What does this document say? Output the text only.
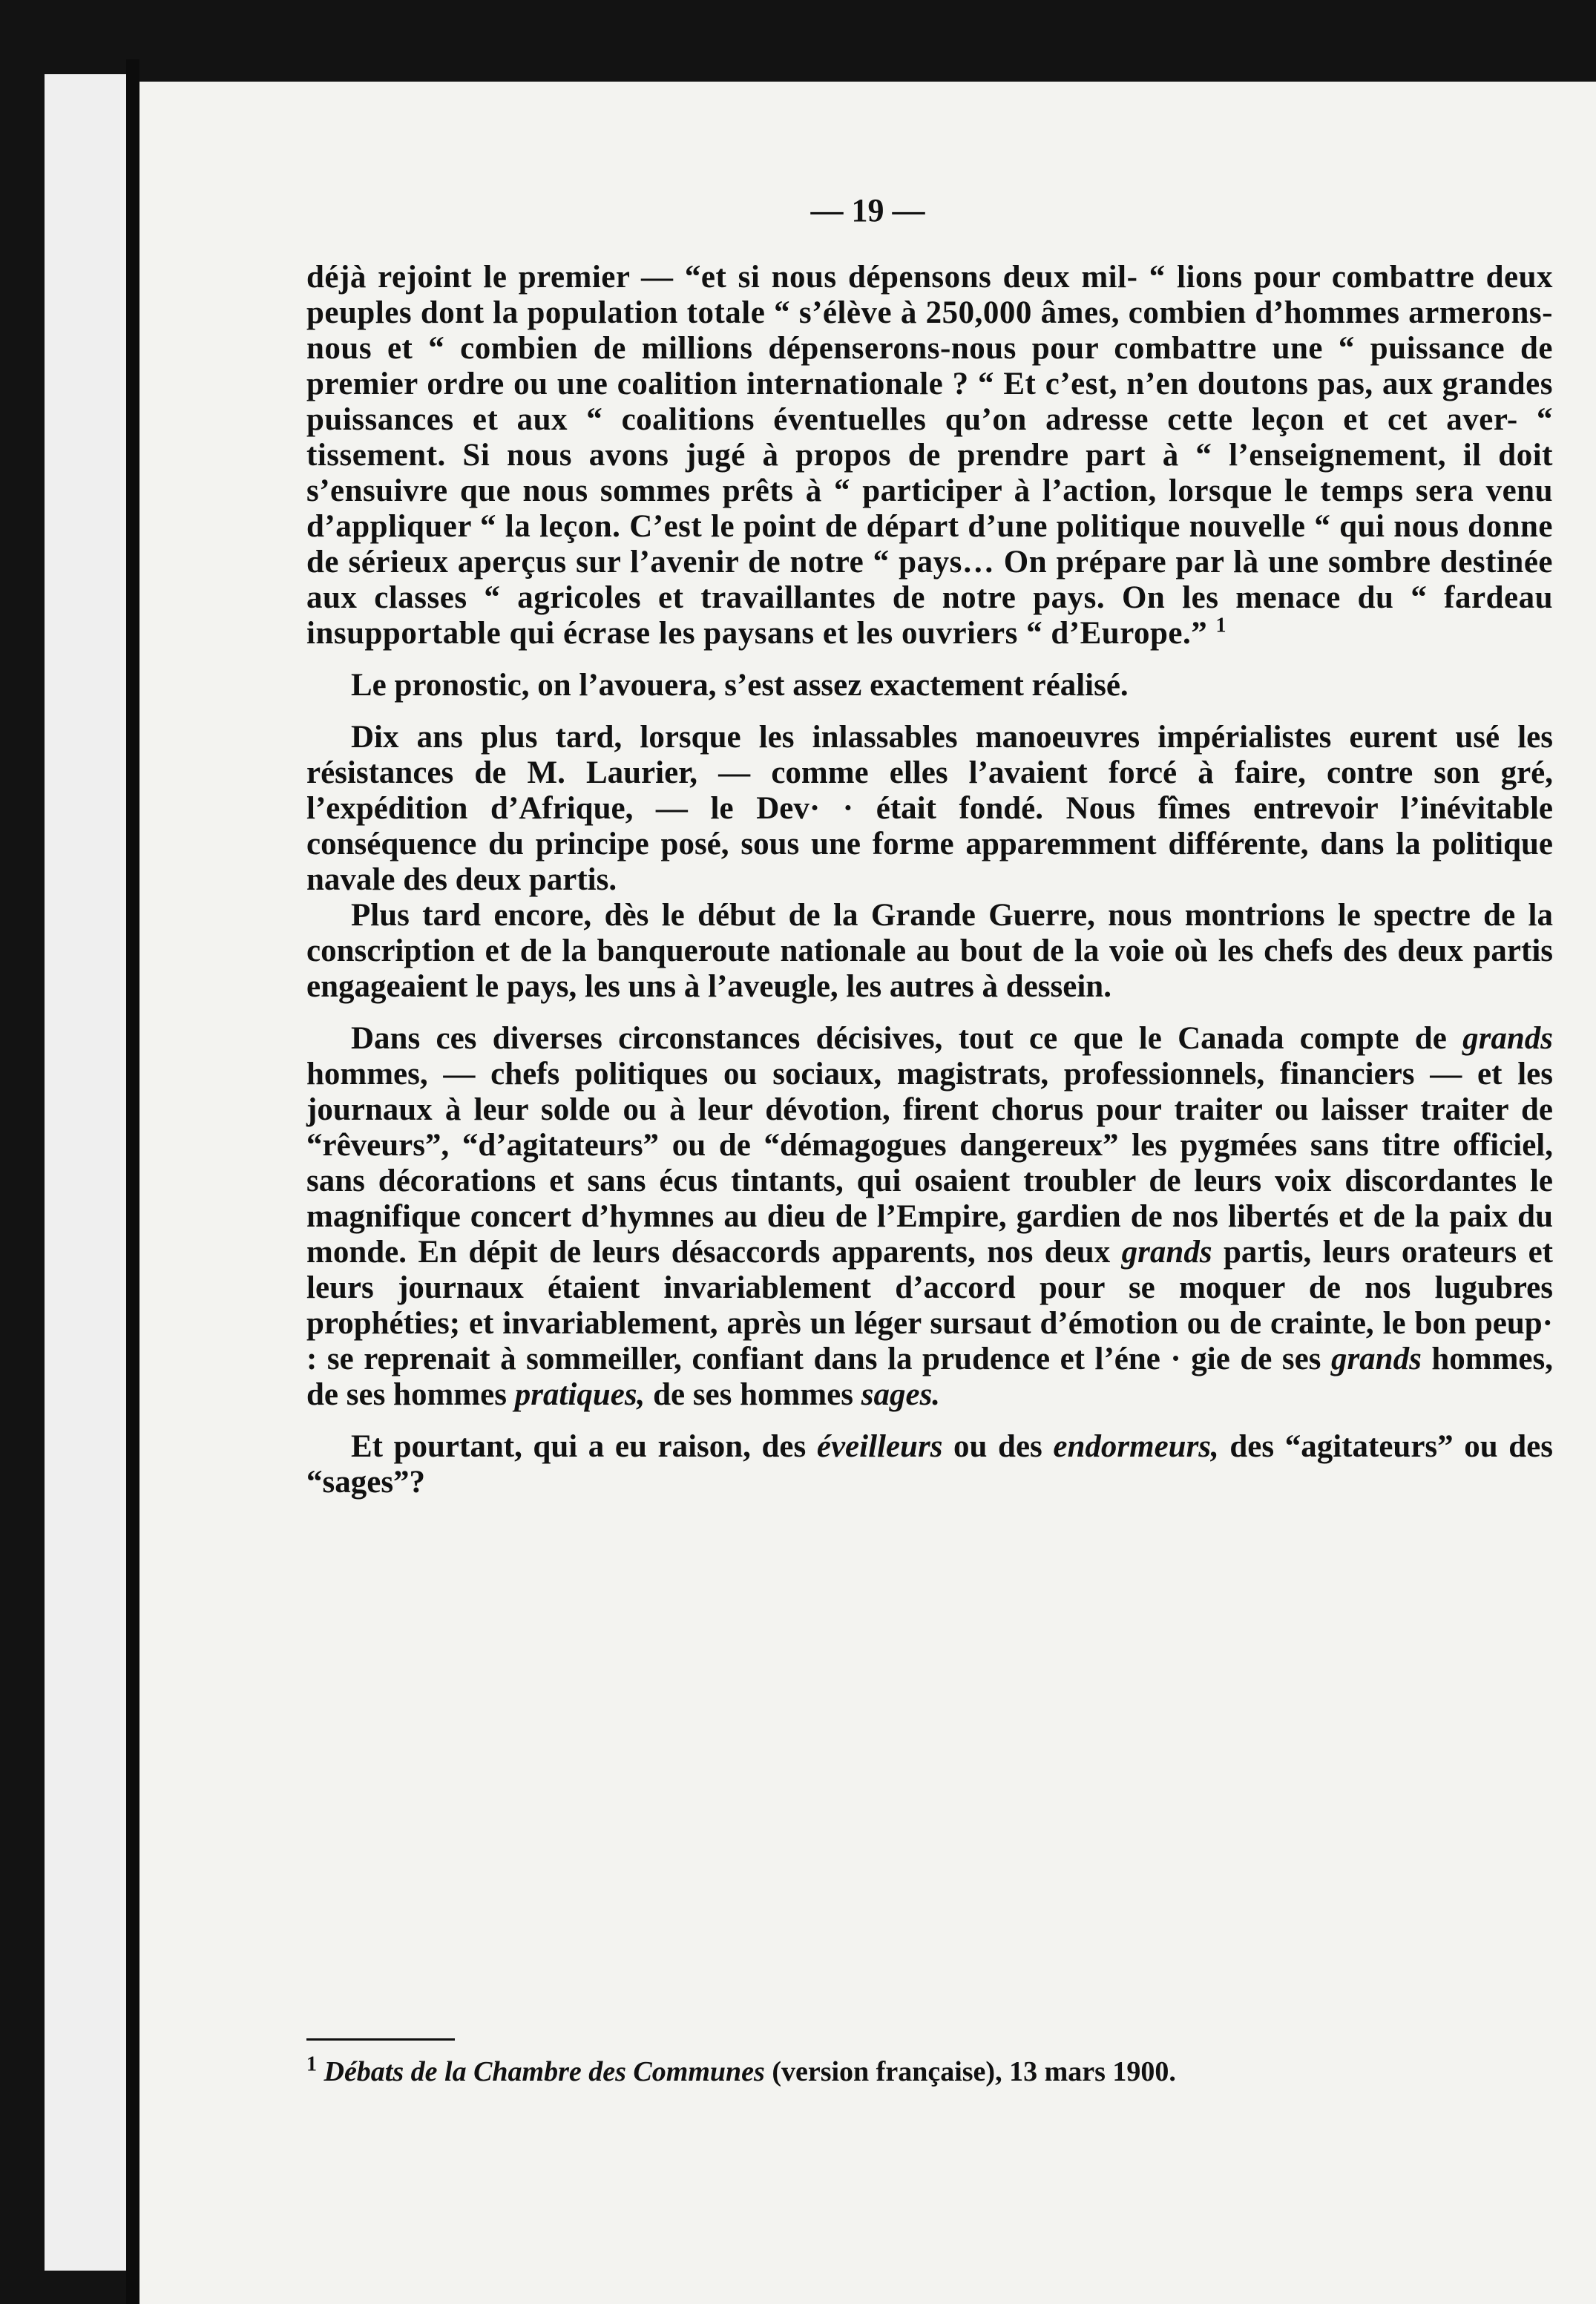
— 19 —

déjà rejoint le premier — “et si nous dépensons deux mil- “ lions pour combattre deux peuples dont la population totale “ s’élève à 250,000 âmes, combien d’hommes armerons-nous et “ combien de millions dépenserons-nous pour combattre une “ puissance de premier ordre ou une coalition internationale ? “ Et c’est, n’en doutons pas, aux grandes puissances et aux “ coalitions éventuelles qu’on adresse cette leçon et cet aver- “ tissement. Si nous avons jugé à propos de prendre part à “ l’enseignement, il doit s’ensuivre que nous sommes prêts à “ participer à l’action, lorsque le temps sera venu d’appliquer “ la leçon. C’est le point de départ d’une politique nouvelle “ qui nous donne de sérieux aperçus sur l’avenir de notre “ pays… On prépare par là une sombre destinée aux classes “ agricoles et travaillantes de notre pays. On les menace du “ fardeau insupportable qui écrase les paysans et les ouvriers “ d’Europe.” $^1$

Le pronostic, on l’avouera, s’est assez exactement réalisé.

Dix ans plus tard, lorsque les inlassables manoeuvres impérialistes eurent usé les résistances de M. Laurier, — comme elles l’avaient forcé à faire, contre son gré, l’expédition d’Afrique, — le Dev· · était fondé. Nous fîmes entrevoir l’inévitable conséquence du principe posé, sous une forme apparemment différente, dans la politique navale des deux partis.

Plus tard encore, dès le début de la Grande Guerre, nous montrions le spectre de la conscription et de la banqueroute nationale au bout de la voie où les chefs des deux partis engageaient le pays, les uns à l’aveugle, les autres à dessein.

Dans ces diverses circonstances décisives, tout ce que le Canada compte de grands hommes, — chefs politiques ou sociaux, magistrats, professionnels, financiers — et les journaux à leur solde ou à leur dévotion, firent chorus pour traiter ou laisser traiter de “rêveurs”, “d’agitateurs” ou de “démagogues dangereux” les pygmées sans titre officiel, sans décorations et sans écus tintants, qui osaient troubler de leurs voix discordantes le magnifique concert d’hymnes au dieu de l’Empire, gardien de nos libertés et de la paix du monde. En dépit de leurs désaccords apparents, nos deux grands partis, leurs orateurs et leurs journaux étaient invariablement d’accord pour se moquer de nos lugubres prophéties; et invariablement, après un léger sursaut d’émotion ou de crainte, le bon peup· : se reprenait à sommeiller, confiant dans la prudence et l’éne · gie de ses grands hommes, de ses hommes pratiques, de ses hommes sages.

Et pourtant, qui a eu raison, des éveilleurs ou des endormeurs, des “agitateurs” ou des “sages”?

$^1$ Débats de la Chambre des Communes (version française), 13 mars 1900.
